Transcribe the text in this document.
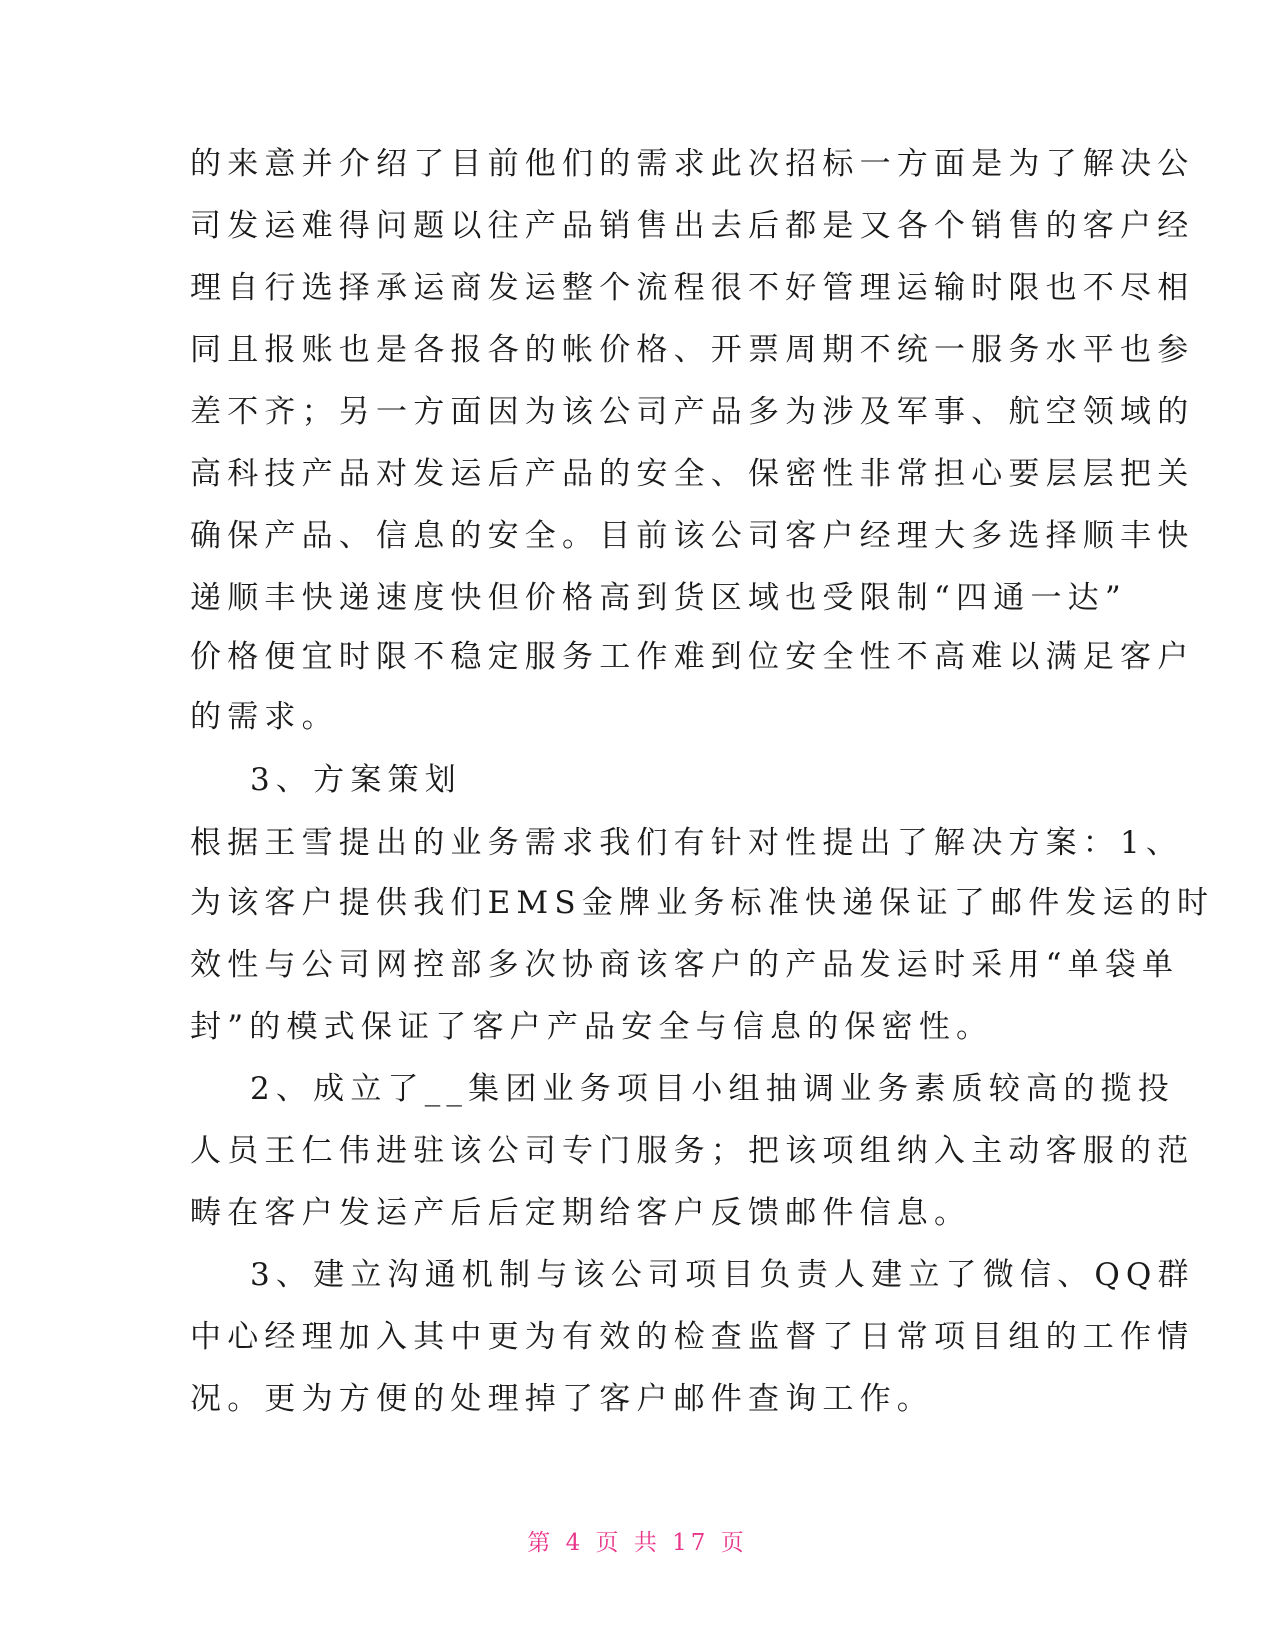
的来意并介绍了目前他们的需求此次招标一方面是为了解决公
司发运难得问题以往产品销售出去后都是又各个销售的客户经
理自行选择承运商发运整个流程很不好管理运输时限也不尽相
同且报账也是各报各的帐价格、开票周期不统一服务水平也参
差不齐；另一方面因为该公司产品多为涉及军事、航空领域的
高科技产品对发运后产品的安全、保密性非常担心要层层把关
确保产品、信息的安全。目前该公司客户经理大多选择顺丰快
递顺丰快递速度快但价格高到货区域也受限制“四通一达”
价格便宜时限不稳定服务工作难到位安全性不高难以满足客户
的需求。
3、方案策划
根据王雪提出的业务需求我们有针对性提出了解决方案：1、
为该客户提供我们EMS金牌业务标准快递保证了邮件发运的时
效性与公司网控部多次协商该客户的产品发运时采用“单袋单
封”的模式保证了客户产品安全与信息的保密性。
2、成立了__集团业务项目小组抽调业务素质较高的揽投
人员王仁伟进驻该公司专门服务；把该项组纳入主动客服的范
畴在客户发运产后后定期给客户反馈邮件信息。
3、建立沟通机制与该公司项目负责人建立了微信、QQ群
中心经理加入其中更为有效的检查监督了日常项目组的工作情
况。更为方便的处理掉了客户邮件查询工作。
第 4 页 共 17 页
